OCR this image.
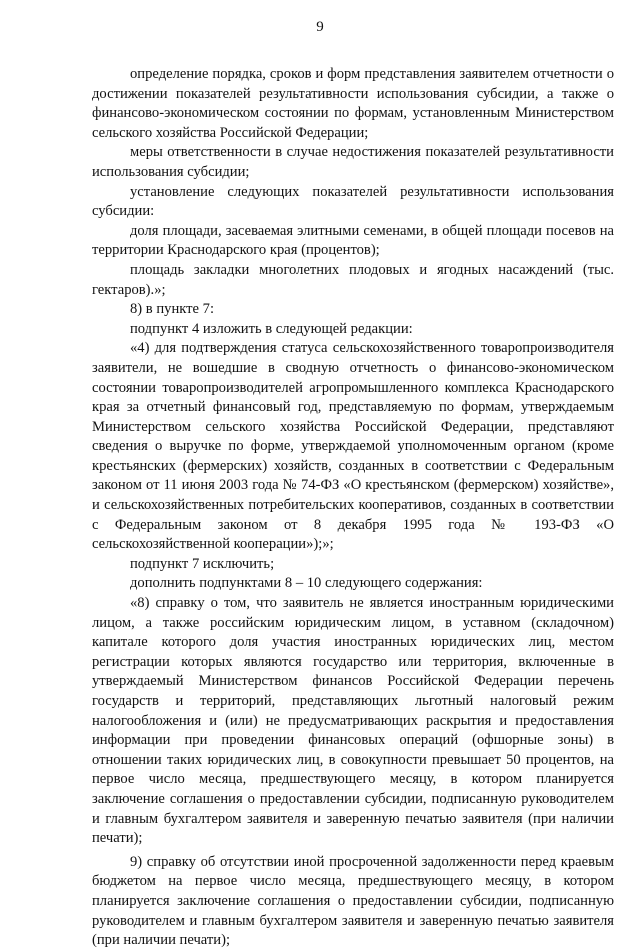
9

определение порядка, сроков и форм представления заявителем отчетности о достижении показателей результативности использования субсидии, а также о финансово-экономическом состоянии по формам, установленным Министерством сельского хозяйства Российской Федерации;

меры ответственности в случае недостижения показателей результативности использования субсидии;

установление следующих показателей результативности использования субсидии:

доля площади, засеваемая элитными семенами, в общей площади посевов на территории Краснодарского края (процентов);

площадь закладки многолетних плодовых и ягодных насаждений (тыс. гектаров).»;

8) в пункте 7:

подпункт 4 изложить в следующей редакции:

«4) для подтверждения статуса сельскохозяйственного товаропроизводителя заявители, не вошедшие в сводную отчетность о финансово-экономическом состоянии товаропроизводителей агропромышленного комплекса Краснодарского края за отчетный финансовый год, представляемую по формам, утверждаемым Министерством сельского хозяйства Российской Федерации, представляют сведения о выручке по форме, утверждаемой уполномоченным органом (кроме крестьянских (фермерских) хозяйств, созданных в соответствии с Федеральным законом от 11 июня 2003 года № 74-ФЗ «О крестьянском (фермерском) хозяйстве», и сельскохозяйственных потребительских кооперативов, созданных в соответствии с Федеральным законом от 8 декабря 1995 года № 193-ФЗ «О сельскохозяйственной кооперации»);»;

подпункт 7 исключить;

дополнить подпунктами 8 – 10 следующего содержания:

«8) справку о том, что заявитель не является иностранным юридическими лицом, а также российским юридическим лицом, в уставном (складочном) капитале которого доля участия иностранных юридических лиц, местом регистрации которых являются государство или территория, включенные в утверждаемый Министерством финансов Российской Федерации перечень государств и территорий, представляющих льготный налоговый режим налогообложения и (или) не предусматривающих раскрытия и предоставления информации при проведении финансовых операций (офшорные зоны) в отношении таких юридических лиц, в совокупности превышает 50 процентов, на первое число месяца, предшествующего месяцу, в котором планируется заключение соглашения о предоставлении субсидии, подписанную руководителем и главным бухгалтером заявителя и заверенную печатью заявителя (при наличии печати);

9) справку об отсутствии иной просроченной задолженности перед краевым бюджетом на первое число месяца, предшествующего месяцу, в котором планируется заключение соглашения о предоставлении субсидии, подписанную руководителем и главным бухгалтером заявителя и заверенную печатью заявителя (при наличии печати);
